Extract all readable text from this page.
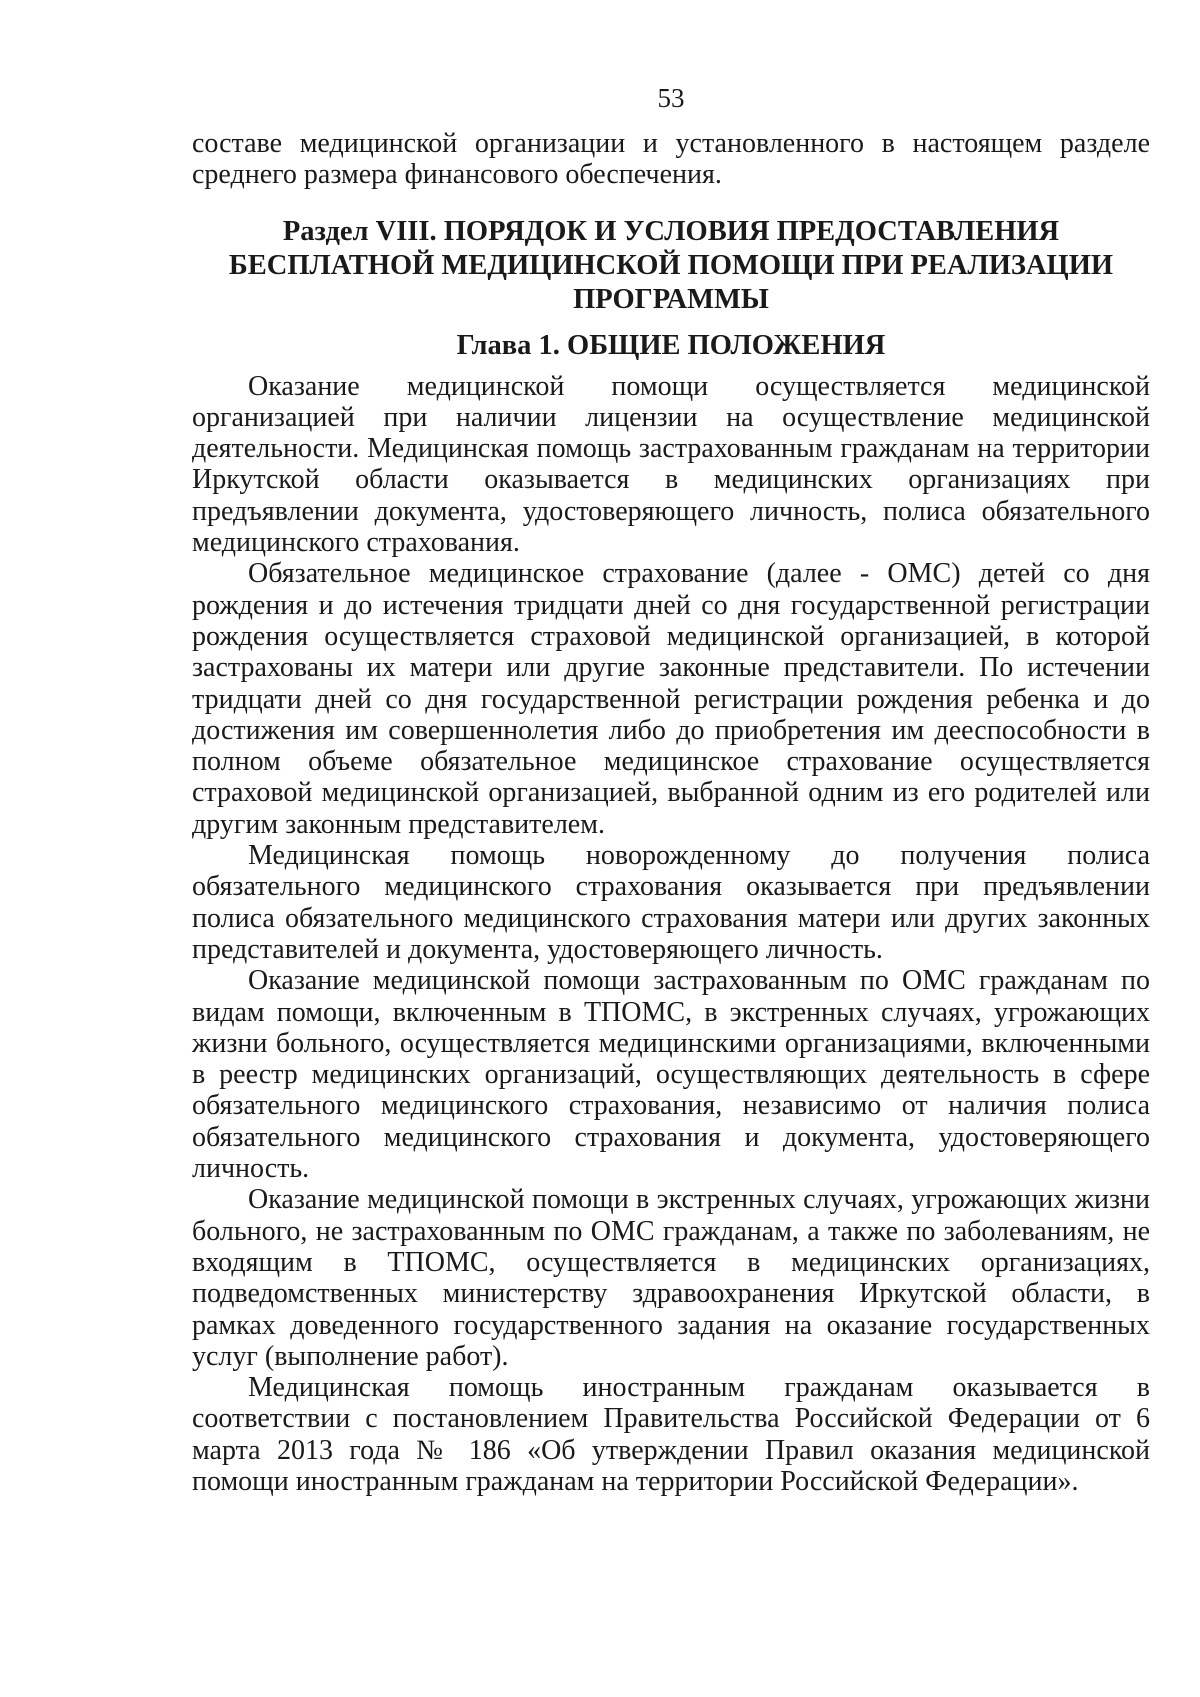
53

составе медицинской организации и установленного в настоящем разделе среднего размера финансового обеспечения.

Раздел VIII. ПОРЯДОК И УСЛОВИЯ ПРЕДОСТАВЛЕНИЯ
БЕСПЛАТНОЙ МЕДИЦИНСКОЙ ПОМОЩИ ПРИ РЕАЛИЗАЦИИ
ПРОГРАММЫ
Глава 1. ОБЩИЕ ПОЛОЖЕНИЯ

Оказание медицинской помощи осуществляется медицинской организацией при наличии лицензии на осуществление медицинской деятельности. Медицинская помощь застрахованным гражданам на территории Иркутской области оказывается в медицинских организациях при предъявлении документа, удостоверяющего личность, полиса обязательного медицинского страхования.

Обязательное медицинское страхование (далее - ОМС) детей со дня рождения и до истечения тридцати дней со дня государственной регистрации рождения осуществляется страховой медицинской организацией, в которой застрахованы их матери или другие законные представители. По истечении тридцати дней со дня государственной регистрации рождения ребенка и до достижения им совершеннолетия либо до приобретения им дееспособности в полном объеме обязательное медицинское страхование осуществляется страховой медицинской организацией, выбранной одним из его родителей или другим законным представителем.

Медицинская помощь новорожденному до получения полиса обязательного медицинского страхования оказывается при предъявлении полиса обязательного медицинского страхования матери или других законных представителей и документа, удостоверяющего личность.

Оказание медицинской помощи застрахованным по ОМС гражданам по видам помощи, включенным в ТПОМС, в экстренных случаях, угрожающих жизни больного, осуществляется медицинскими организациями, включенными в реестр медицинских организаций, осуществляющих деятельность в сфере обязательного медицинского страхования, независимо от наличия полиса обязательного медицинского страхования и документа, удостоверяющего личность.

Оказание медицинской помощи в экстренных случаях, угрожающих жизни больного, не застрахованным по ОМС гражданам, а также по заболеваниям, не входящим в ТПОМС, осуществляется в медицинских организациях, подведомственных министерству здравоохранения Иркутской области, в рамках доведенного государственного задания на оказание государственных услуг (выполнение работ).

Медицинская помощь иностранным гражданам оказывается в соответствии с постановлением Правительства Российской Федерации от 6 марта 2013 года № 186 «Об утверждении Правил оказания медицинской помощи иностранным гражданам на территории Российской Федерации».
